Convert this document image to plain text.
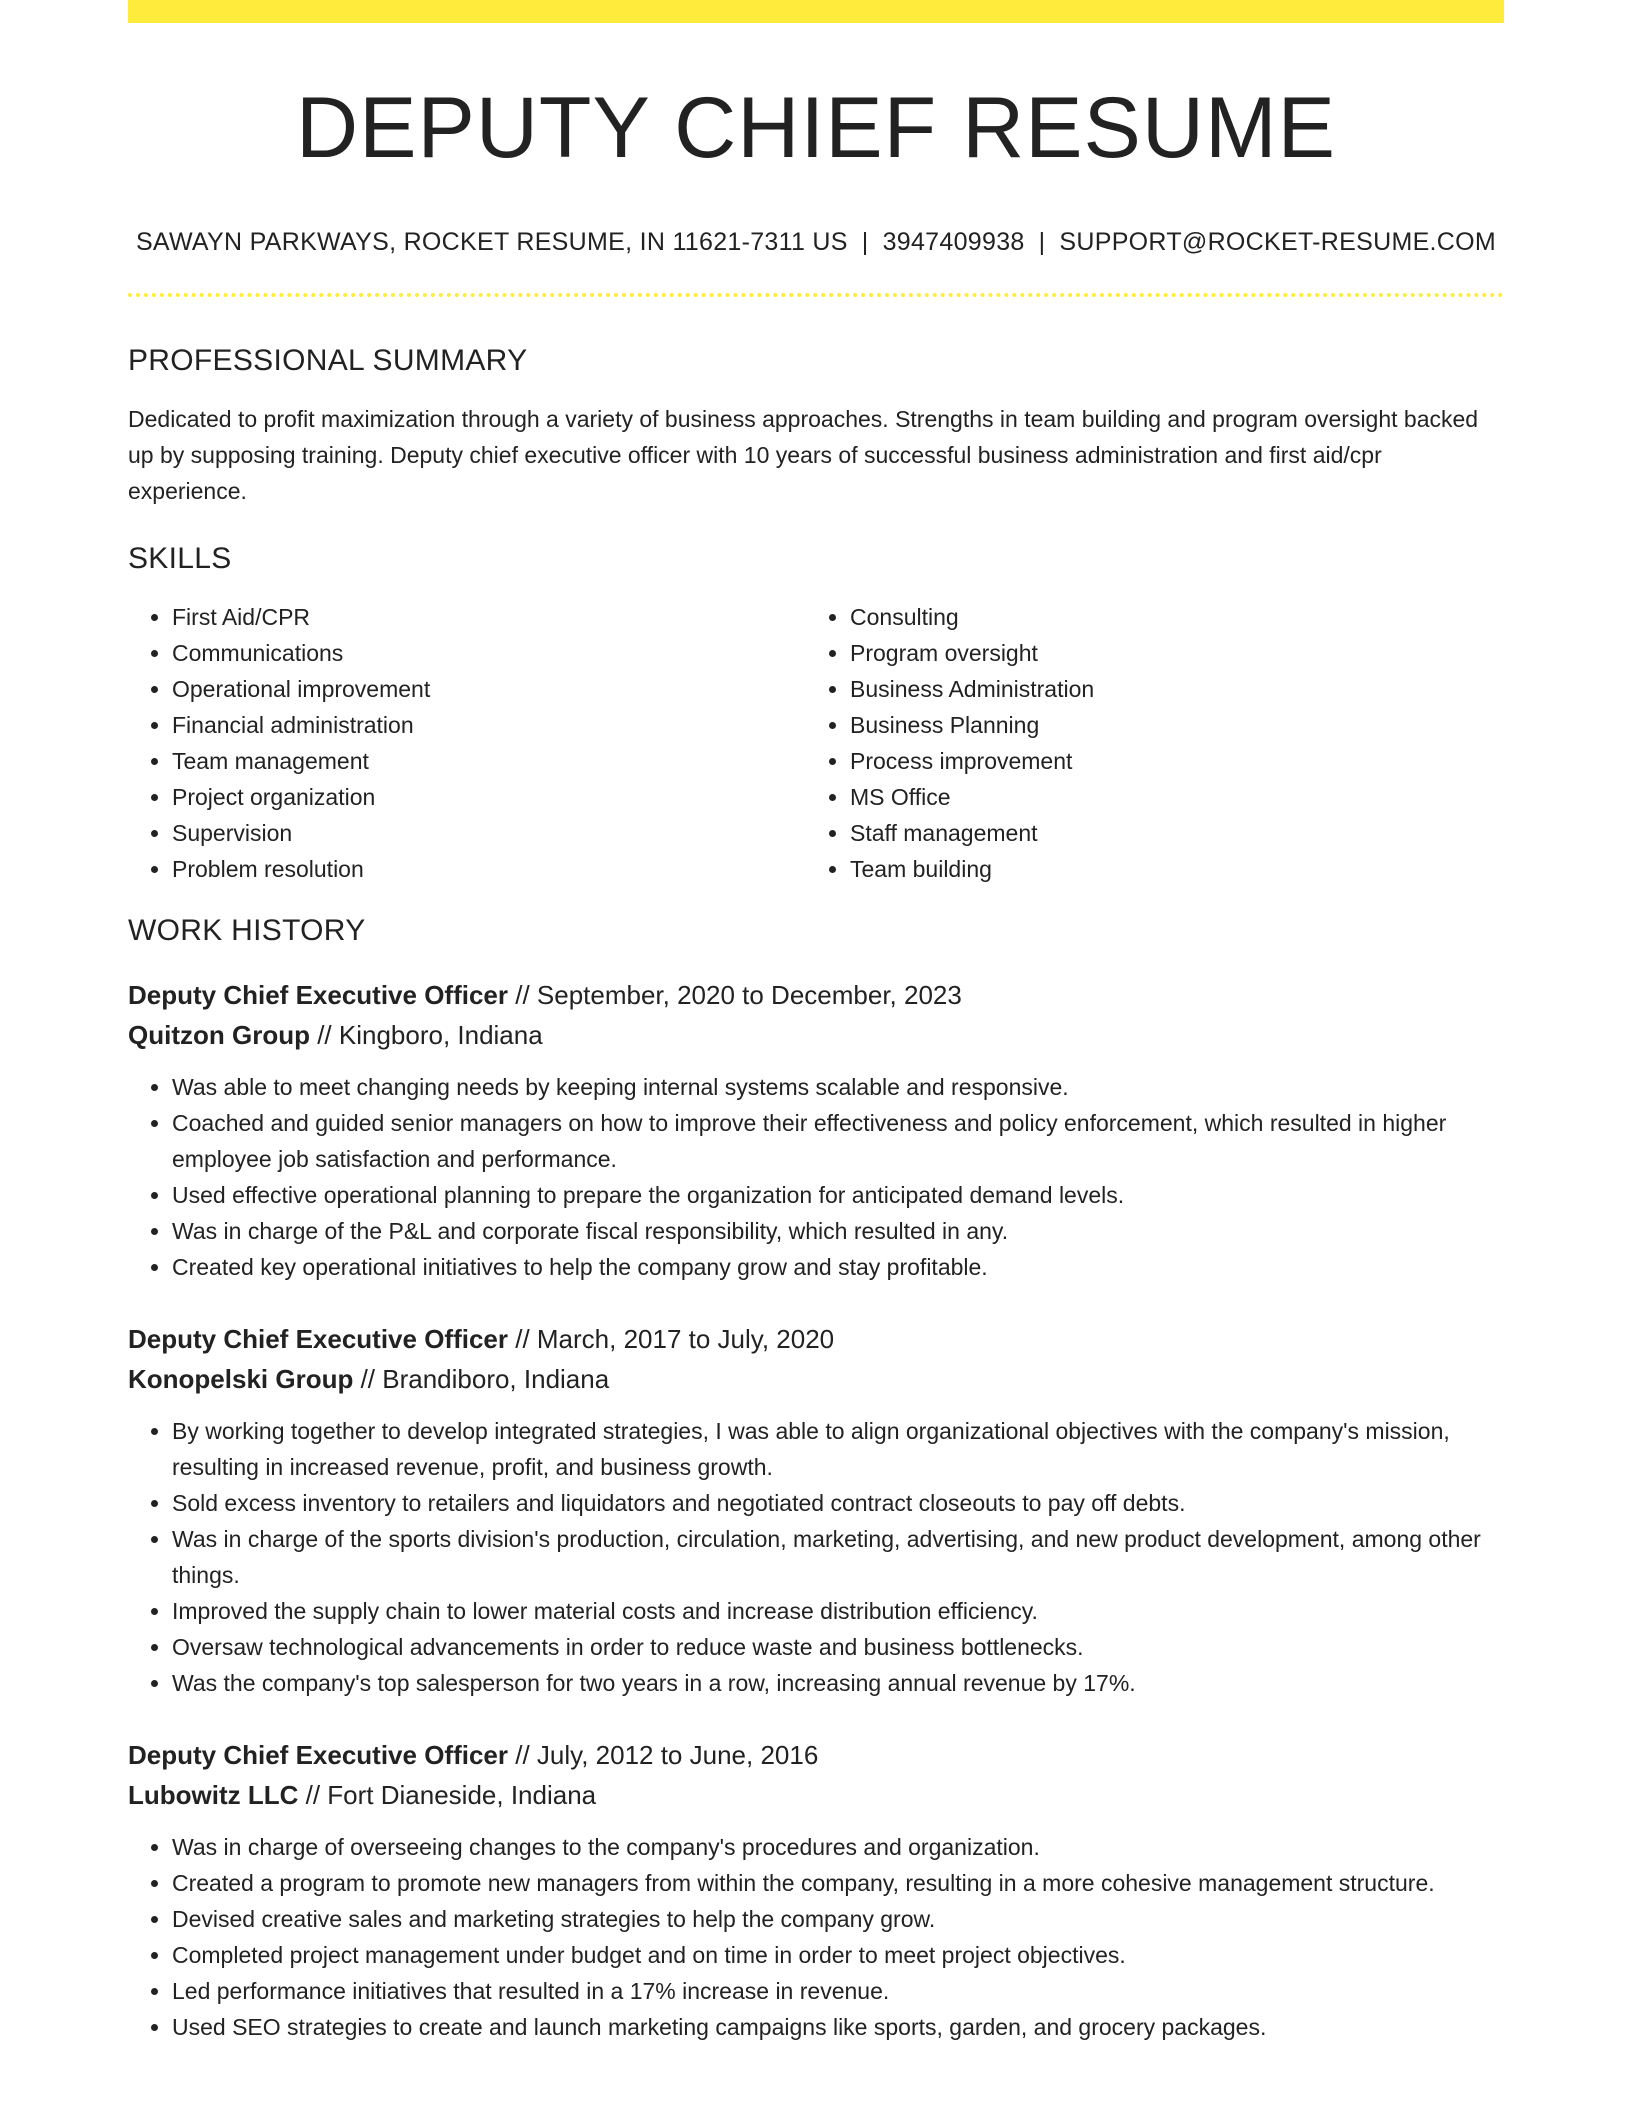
DEPUTY CHIEF RESUME
SAWAYN PARKWAYS, ROCKET RESUME, IN 11621-7311 US | 3947409938 | SUPPORT@ROCKET-RESUME.COM
PROFESSIONAL SUMMARY

Dedicated to profit maximization through a variety of business approaches. Strengths in team building and program oversight backed up by supposing training. Deputy chief executive officer with 10 years of successful business administration and first aid/cpr experience.

SKILLS
• First Aid/CPR
• Communications
• Operational improvement
• Financial administration
• Team management
• Project organization
• Supervision
• Problem resolution
• Consulting
• Program oversight
• Business Administration
• Business Planning
• Process improvement
• MS Office
• Staff management
• Team building
WORK HISTORY
Deputy Chief Executive Officer // September, 2020 to December, 2023
Quitzon Group // Kingboro, Indiana
• Was able to meet changing needs by keeping internal systems scalable and responsive.
• Coached and guided senior managers on how to improve their effectiveness and policy enforcement, which resulted in higher employee job satisfaction and performance.
• Used effective operational planning to prepare the organization for anticipated demand levels.
• Was in charge of the P&L and corporate fiscal responsibility, which resulted in any.
• Created key operational initiatives to help the company grow and stay profitable.
Deputy Chief Executive Officer // March, 2017 to July, 2020
Konopelski Group // Brandiboro, Indiana
• By working together to develop integrated strategies, I was able to align organizational objectives with the company's mission, resulting in increased revenue, profit, and business growth.
• Sold excess inventory to retailers and liquidators and negotiated contract closeouts to pay off debts.
• Was in charge of the sports division's production, circulation, marketing, advertising, and new product development, among other things.
• Improved the supply chain to lower material costs and increase distribution efficiency.
• Oversaw technological advancements in order to reduce waste and business bottlenecks.
• Was the company's top salesperson for two years in a row, increasing annual revenue by 17%.
Deputy Chief Executive Officer // July, 2012 to June, 2016
Lubowitz LLC // Fort Dianeside, Indiana
• Was in charge of overseeing changes to the company's procedures and organization.
• Created a program to promote new managers from within the company, resulting in a more cohesive management structure.
• Devised creative sales and marketing strategies to help the company grow.
• Completed project management under budget and on time in order to meet project objectives.
• Led performance initiatives that resulted in a 17% increase in revenue.
• Used SEO strategies to create and launch marketing campaigns like sports, garden, and grocery packages.
